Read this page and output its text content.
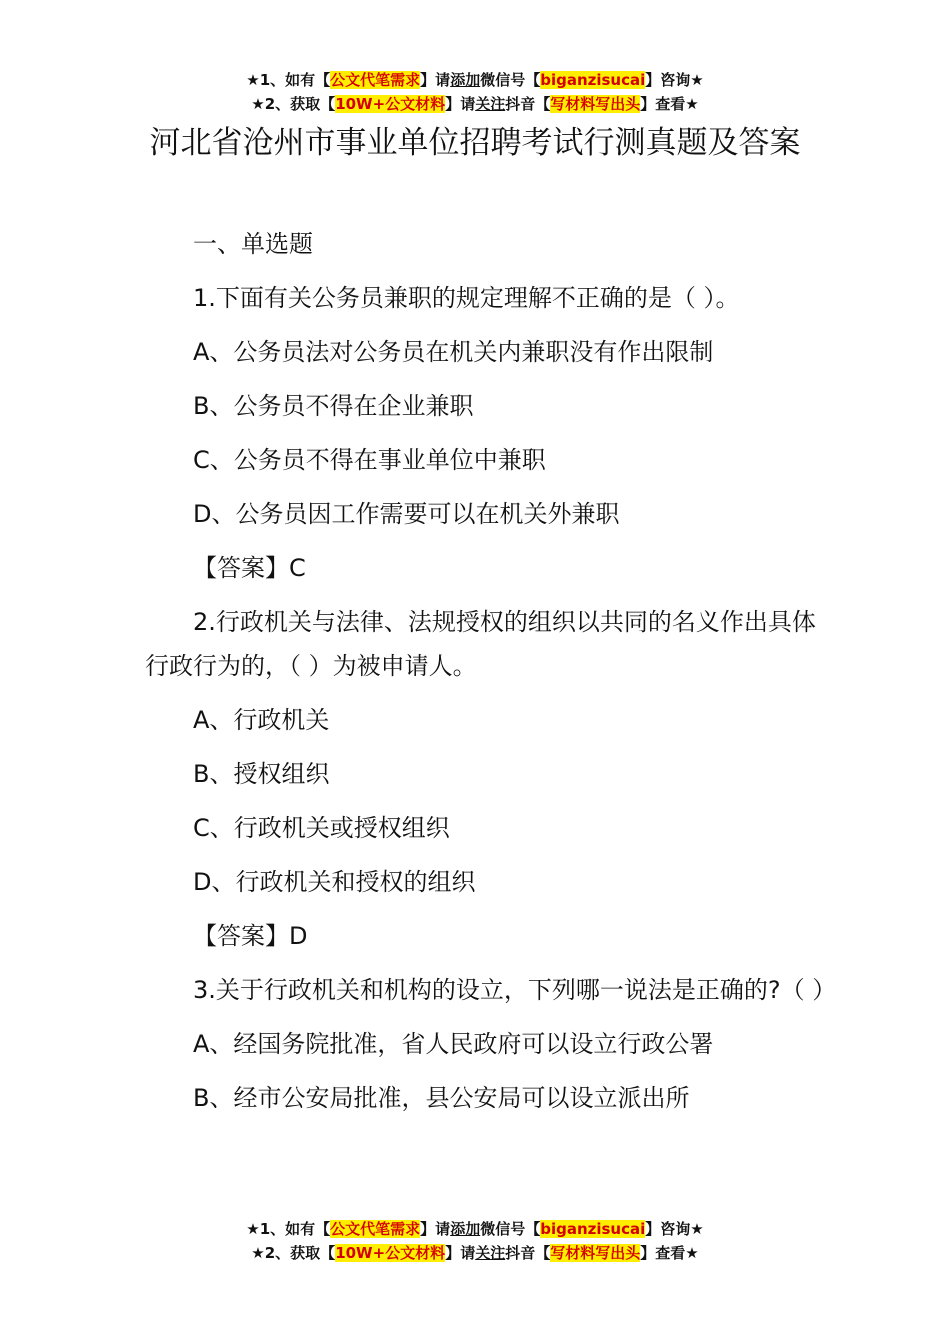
★1、如有【公文代笔需求】请添加微信号【biganzisucai】咨询★
★2、获取【10W+公文材料】请关注抖音【写材料写出头】查看★
河北省沧州市事业单位招聘考试行测真题及答案

一、单选题

1.下面有关公务员兼职的规定理解不正确的是（ ）。

A、公务员法对公务员在机关内兼职没有作出限制

B、公务员不得在企业兼职

C、公务员不得在事业单位中兼职

D、公务员因工作需要可以在机关外兼职

【答案】C

2.行政机关与法律、法规授权的组织以共同的名义作出具体行政行为的，（ ）为被申请人。

A、行政机关

B、授权组织

C、行政机关或授权组织

D、行政机关和授权的组织

【答案】D

3.关于行政机关和机构的设立，下列哪一说法是正确的?（ ）

A、经国务院批准，省人民政府可以设立行政公署

B、经市公安局批准，县公安局可以设立派出所

★1、如有【公文代笔需求】请添加微信号【biganzisucai】咨询★
★2、获取【10W+公文材料】请关注抖音【写材料写出头】查看★
